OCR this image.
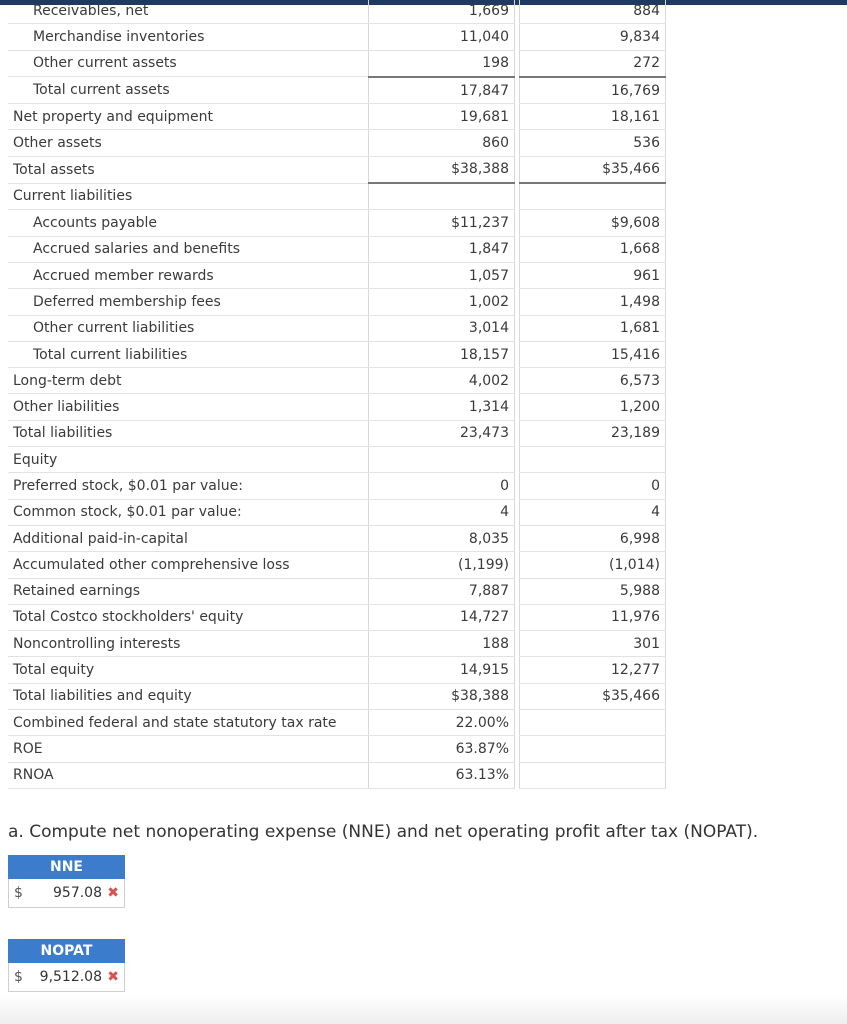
Receivables, net	1,669		884
Merchandise inventories	11,040		9,834
Other current assets	198		272
Total current assets	17,847		16,769
Net property and equipment	19,681		18,161
Other assets	860		536
Total assets	$38,388		$35,466
Current liabilities			
Accounts payable	$11,237		$9,608
Accrued salaries and benefits	1,847		1,668
Accrued member rewards	1,057		961
Deferred membership fees	1,002		1,498
Other current liabilities	3,014		1,681
Total current liabilities	18,157		15,416
Long-term debt	4,002		6,573
Other liabilities	1,314		1,200
Total liabilities	23,473		23,189
Equity			
Preferred stock, $0.01 par value:	0		0
Common stock, $0.01 par value:	4		4
Additional paid-in-capital	8,035		6,998
Accumulated other comprehensive loss	(1,199)		(1,014)
Retained earnings	7,887		5,988
Total Costco stockholders' equity	14,727		11,976
Noncontrolling interests	188		301
Total equity	14,915		12,277
Total liabilities and equity	$38,388		$35,466
Combined federal and state statutory tax rate	22.00%		
ROE	63.87%		
RNOA	63.13%		
a. Compute net nonoperating expense (NNE) and net operating profit after tax (NOPAT).
NNE
$ 957.08 ✖
NOPAT
$ 9,512.08 ✖
